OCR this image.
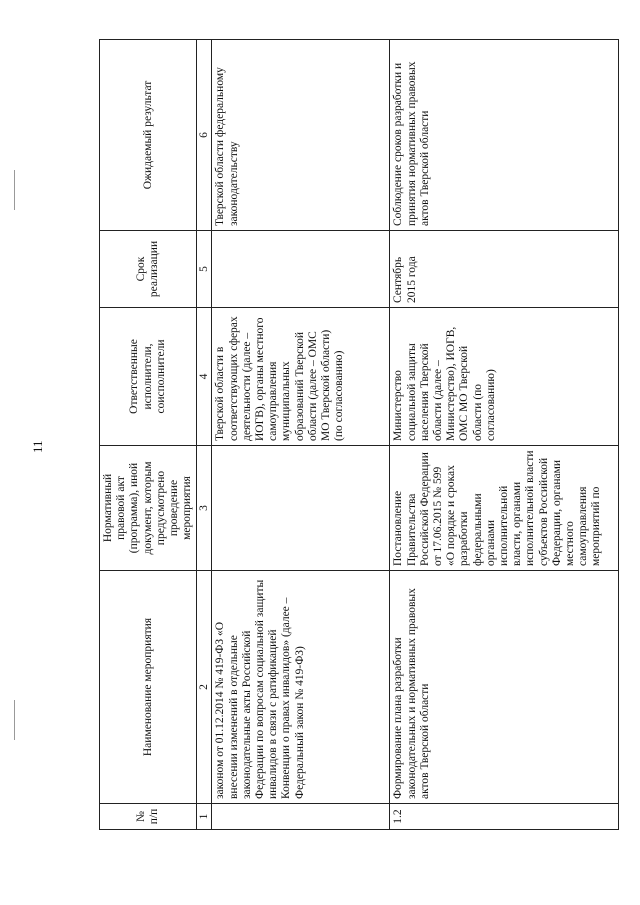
11
№ п/п	Наименование мероприятия	Нормативный правовой акт (программа), иной документ, которым предусмотрено проведение мероприятия	Ответственные исполнители, соисполнители	Срок реализации	Ожидаемый результат
1	2	3	4	5	6
	законом от 01.12.2014 № 419-ФЗ «О внесении изменений в отдельные законодательные акты Российской Федерации по вопросам социальной защиты инвалидов в связи с ратификацией Конвенции о правах инвалидов» (далее – Федеральный закон № 419-ФЗ)		Тверской области в соответствующих сферах деятельности (далее – ИОГВ), органы местного самоуправления муниципальных образований Тверской области (далее – ОМС МО Тверской области) (по согласованию)		Тверской области федеральному законодательству
1.2	Формирование плана разработки законодательных и нормативных правовых актов Тверской области	Постановление Правительства Российской Федерации от 17.06.2015 № 599 «О порядке и сроках разработки федеральными органами исполнительной власти, органами исполнительной власти субъектов Российской Федерации, органами местного самоуправления мероприятий по	Министерство социальной защиты населения Тверской области (далее – Министерство), ИОГВ, ОМС МО Тверской области (по согласованию)	Сентябрь 2015 года	Соблюдение сроков разработки и принятия нормативных правовых актов Тверской области
